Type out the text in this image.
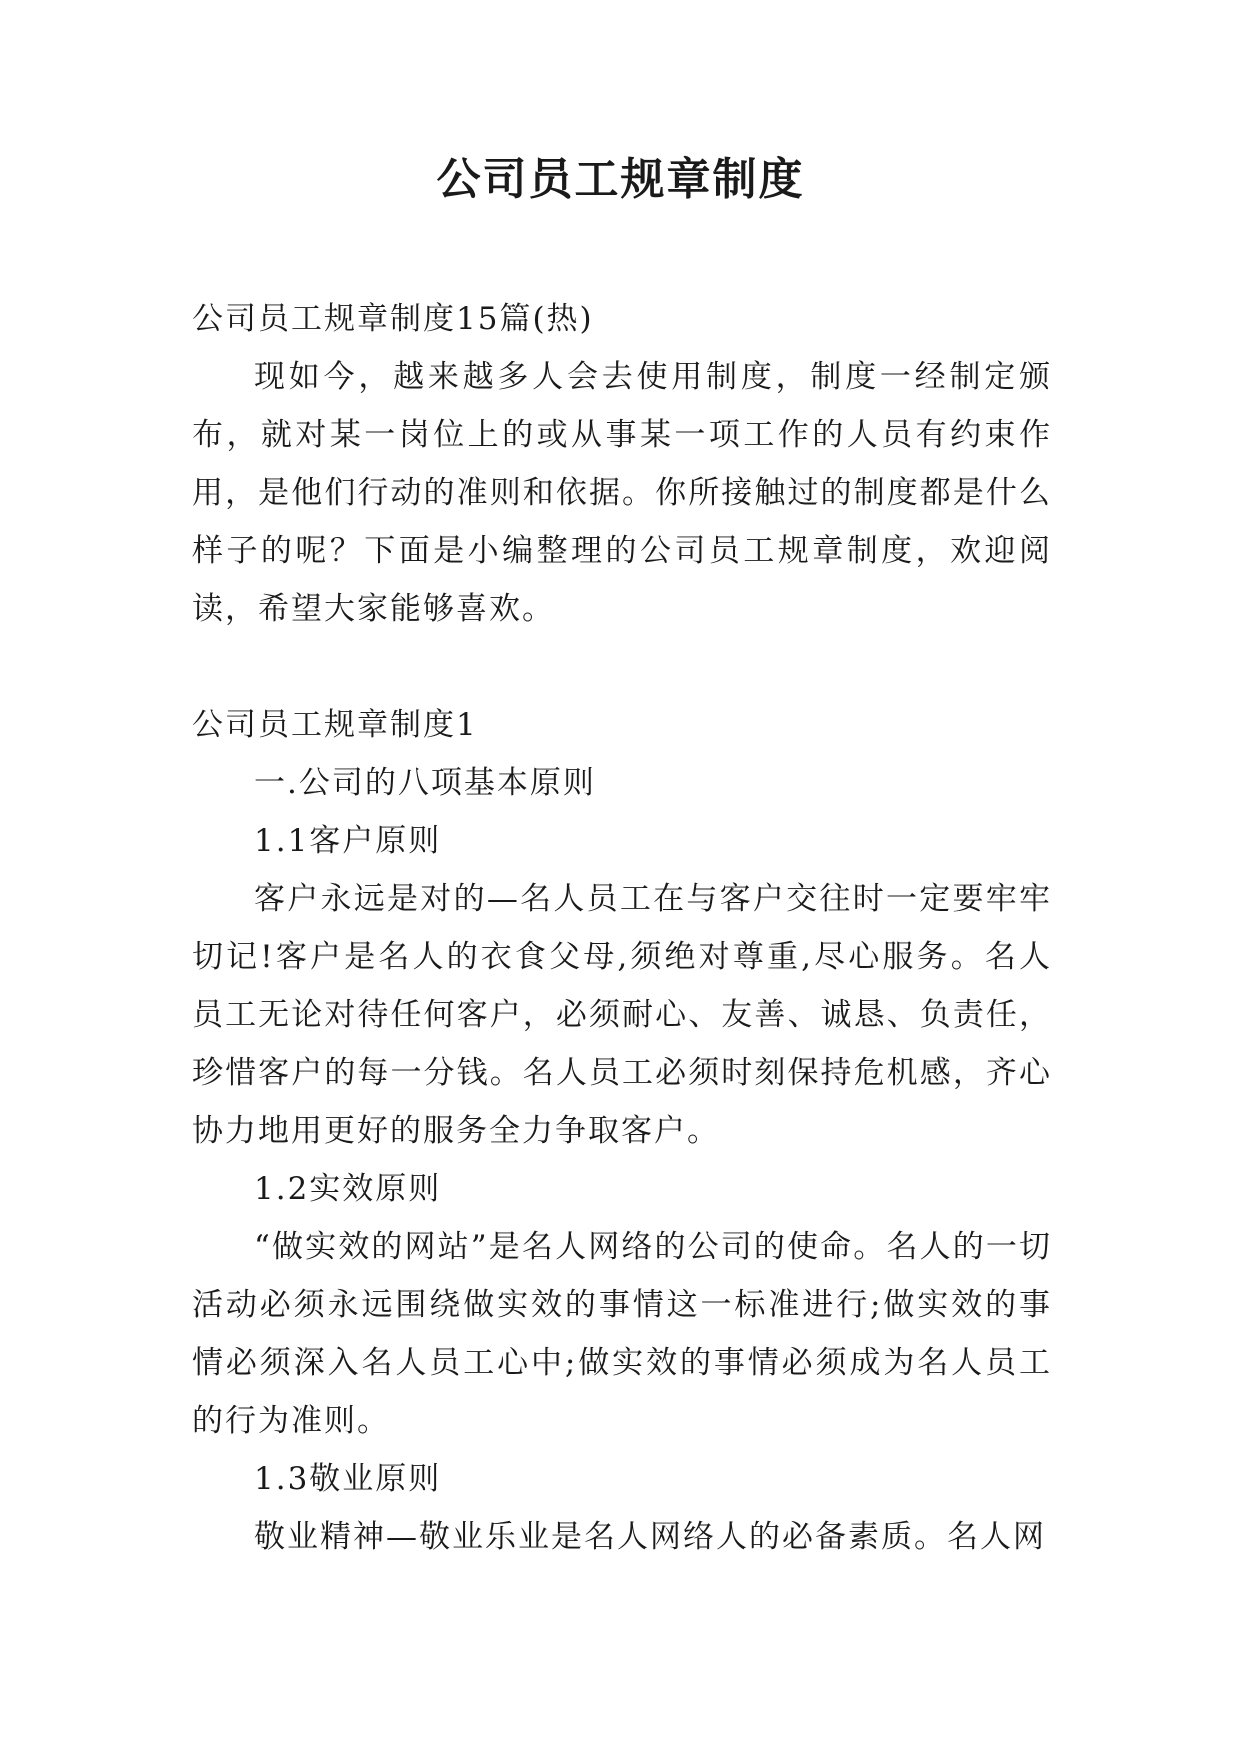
公司员工规章制度

公司员工规章制度15篇(热)

现如今，越来越多人会去使用制度，制度一经制定颁布，就对某一岗位上的或从事某一项工作的人员有约束作用，是他们行动的准则和依据。你所接触过的制度都是什么样子的呢？下面是小编整理的公司员工规章制度，欢迎阅读，希望大家能够喜欢。

公司员工规章制度1

一.公司的八项基本原则

1.1客户原则

客户永远是对的—名人员工在与客户交往时一定要牢牢切记!客户是名人的衣食父母,须绝对尊重,尽心服务。名人员工无论对待任何客户，必须耐心、友善、诚恳、负责任，珍惜客户的每一分钱。名人员工必须时刻保持危机感，齐心协力地用更好的服务全力争取客户。

1.2实效原则

“做实效的网站”是名人网络的公司的使命。名人的一切活动必须永远围绕做实效的事情这一标准进行;做实效的事情必须深入名人员工心中;做实效的事情必须成为名人员工的行为准则。

1.3敬业原则

敬业精神—敬业乐业是名人网络人的必备素质。名人网
